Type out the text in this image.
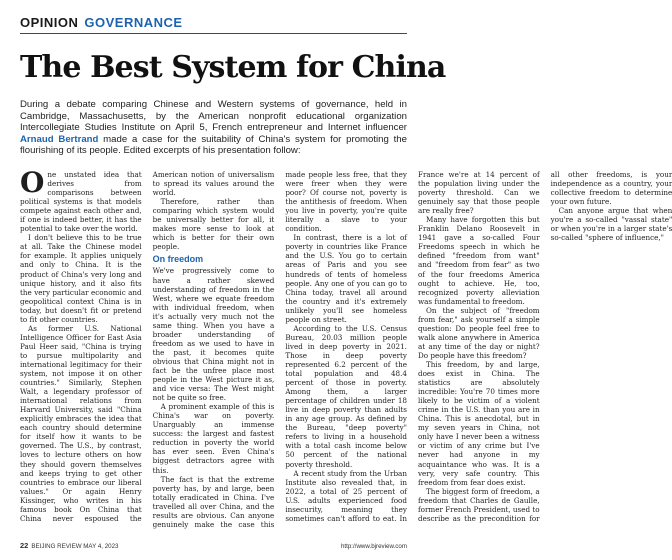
OPINION GOVERNANCE
The Best System for China
During a debate comparing Chinese and Western systems of governance, held in Cambridge, Massachusetts, by the American nonprofit educational organization Intercollegiate Studies Institute on April 5, French entrepreneur and Internet influencer Arnaud Bertrand made a case for the suitability of China's system for promoting the flourishing of its people. Edited excerpts of his presentation follow:

One unstated idea that derives from comparisons between political systems is that models compete against each other and, if one is indeed better, it has the potential to take over the world.

I don't believe this to be true at all. Take the Chinese model for example. It applies uniquely and only to China. It is the product of China's very long and unique history, and it also fits the very particular economic and geopolitical context China is in today, but doesn't fit or pretend to fit other countries.

As former U.S. National Intelligence Officer for East Asia Paul Heer said, "China is trying to pursue multipolarity and international legitimacy for their system, not impose it on other countries." Similarly, Stephen Walt, a legendary professor of international relations from Harvard University, said "China explicitly embraces the idea that each country should determine for itself how it wants to be governed. The U.S., by contrast, loves to lecture others on how they should govern themselves and keeps trying to get other countries to embrace our liberal values." Or again Henry Kissinger, who writes in his famous book On China that China never espoused the American notion of universalism to spread its values around the world.

Therefore, rather than comparing which system would be universally better for all, it makes more sense to look at which is better for their own people.

On freedom

We've progressively come to have a rather skewed understanding of freedom in the West, where we equate freedom with individual freedom, when it's actually very much not the same thing. When you have a broader understanding of freedom as we used to have in the past, it becomes quite obvious that China might not in fact be the unfree place most people in the West picture it as, and vice versa: The West might not be quite so free.

A prominent example of this is China's war on poverty. Unarguably an immense success: the largest and fastest reduction in poverty the world has ever seen. Even China's biggest detractors agree with this.

The fact is that the extreme poverty has, by and large, been totally eradicated in China. I've travelled all over China, and the results are obvious. Can anyone genuinely make the case this made people less free, that they were freer when they were poor? Of course not, poverty is the antithesis of freedom. When you live in poverty, you're quite literally a slave to your condition.

In contrast, there is a lot of poverty in countries like France and the U.S. You go to certain areas of Paris and you see hundreds of tents of homeless people. Any one of you can go to China today, travel all around the country and it's extremely unlikely you'll see homeless people on street.

According to the U.S. Census Bureau, 20.03 million people lived in deep poverty in 2021. Those in deep poverty represented 6.2 percent of the total population and 48.4 percent of those in poverty. Among them, a larger percentage of children under 18 live in deep poverty than adults in any age group. As defined by the Bureau, "deep poverty" refers to living in a household with a total cash income below 50 percent of the national poverty threshold.

A recent study from the Urban Institute also revealed that, in 2022, a total of 25 percent of U.S. adults experienced food insecurity, meaning they sometimes can't afford to eat. In France we're at 14 percent of the population living under the poverty threshold. Can we genuinely say that those people are really free?

Many have forgotten this but Franklin Delano Roosevelt in 1941 gave a so-called Four Freedoms speech in which he defined "freedom from want" and "freedom from fear" as two of the four freedoms America ought to achieve. He, too, recognized poverty alleviation was fundamental to freedom.

On the subject of "freedom from fear," ask yourself a simple question: Do people feel free to walk alone anywhere in America at any time of the day or night? Do people have this freedom?

This freedom, by and large, does exist in China. The statistics are absolutely incredible: You're 70 times more likely to be victim of a violent crime in the U.S. than you are in China. This is anecdotal, but in my seven years in China, not only have I never been a witness or victim of any crime but I've never had anyone in my acquaintance who was. It is a very, very safe country. This freedom from fear does exist.

The biggest form of freedom, a freedom that Charles de Gaulle, former French President, used to describe as the precondition for all other freedoms, is your independence as a country, your collective freedom to determine your own future.

Can anyone argue that when you're a so-called "vassal state" or when you're in a larger state's so-called "sphere of influence,"

22 BEIJING REVIEW MAY 4, 2023	http://www.bjreview.com
